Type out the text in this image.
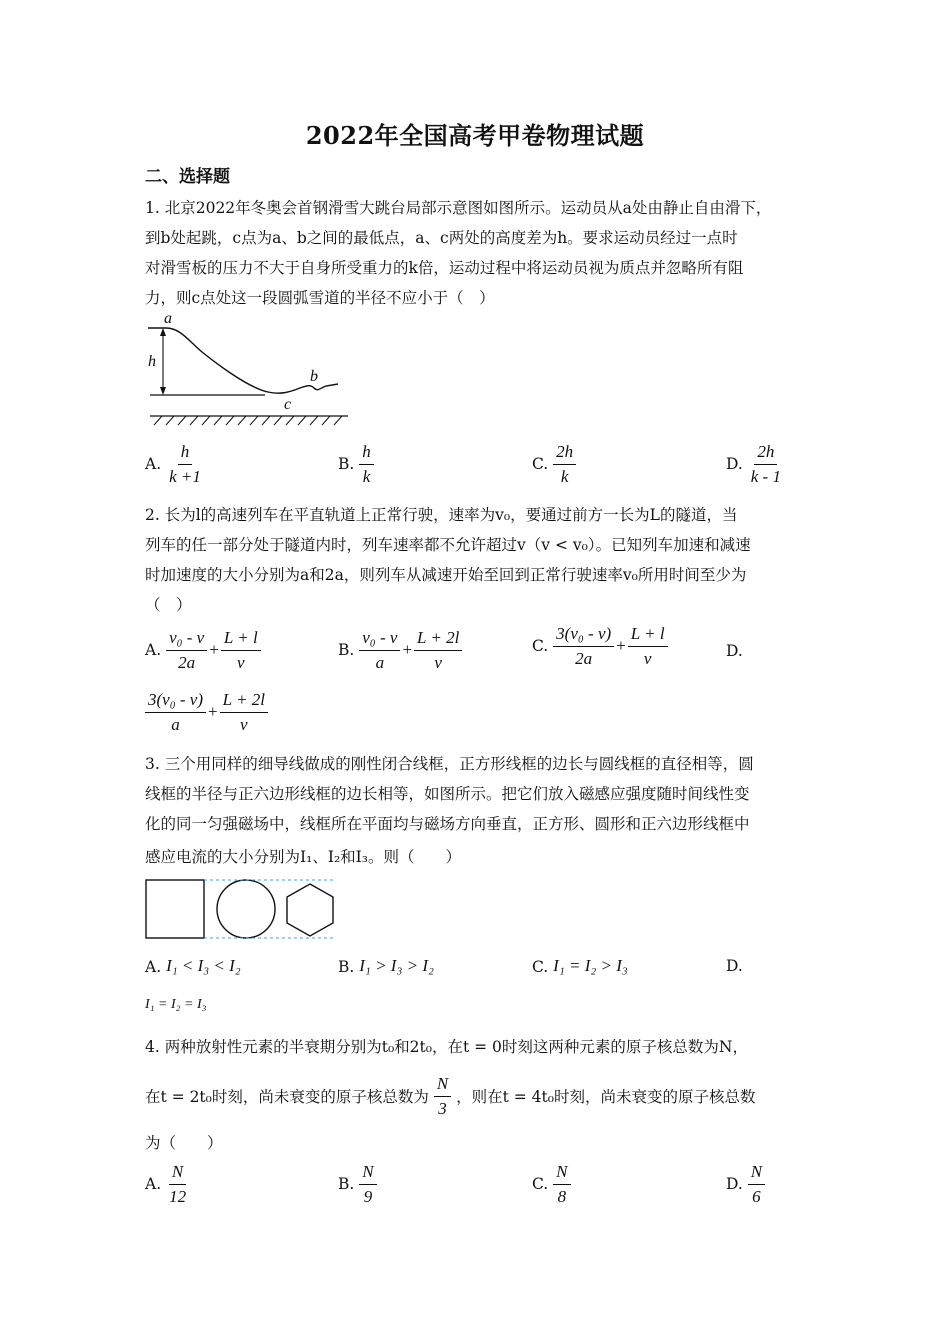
2022年全国高考甲卷物理试题
二、选择题
1. 北京2022年冬奥会首钢滑雪大跳台局部示意图如图所示。运动员从a处由静止自由滑下，
到b处起跳，c点为a、b之间的最低点，a、c两处的高度差为h。要求运动员经过一点时
对滑雪板的压力不大于自身所受重力的k倍，运动过程中将运动员视为质点并忽略所有阻
力，则c点处这一段圆弧雪道的半径不应小于（　）
a
h
b
c
A. $\frac{h}{k +1}$	B. $\frac{h}{k}$	C. $\frac{2h}{k}$	D. $\frac{2h}{k - 1}$
2. 长为l的高速列车在平直轨道上正常行驶，速率为v₀，要通过前方一长为L的隧道，当
列车的任一部分处于隧道内时，列车速率都不允许超过v（v < v₀）。已知列车加速和减速
时加速度的大小分别为a和2a，则列车从减速开始至回到正常行驶速率v₀所用时间至少为
（　）
A. $\frac{\text{v₀ - v}}{2a} + \frac{L + l}{v}$	B. $\frac{\text{v₀ - v}}{a} + \frac{L + 2l}{v}$	C. $\frac{\text{3(v₀ - v)}}{2a} + \frac{L + l}{v}$	D.
$\frac{\text{3(v₀ - v)}}{a} + \frac{L + 2l}{v}$
3. 三个用同样的细导线做成的刚性闭合线框，正方形线框的边长与圆线框的直径相等，圆
线框的半径与正六边形线框的边长相等，如图所示。把它们放入磁感应强度随时间线性变
化的同一匀强磁场中，线框所在平面均与磁场方向垂直，正方形、圆形和正六边形线框中
感应电流的大小分别为I₁、I₂和I₃。则（　　）
A. I₁ < I₃ < I₂	B. I₁ > I₃ > I₂	C. I₁ = I₂ > I₃	D.
I₁ = I₂ = I₃
4. 两种放射性元素的半衰期分别为t₀和2t₀，在t = 0时刻这两种元素的原子核总数为N，
在t = 2t₀时刻，尚未衰变的原子核总数为 $\frac{N}{3}$ ，则在t = 4t₀时刻，尚未衰变的原子核总数
为（　　）
A. $\frac{N}{12}$	B. $\frac{N}{9}$	C. $\frac{N}{8}$	D. $\frac{N}{6}$
